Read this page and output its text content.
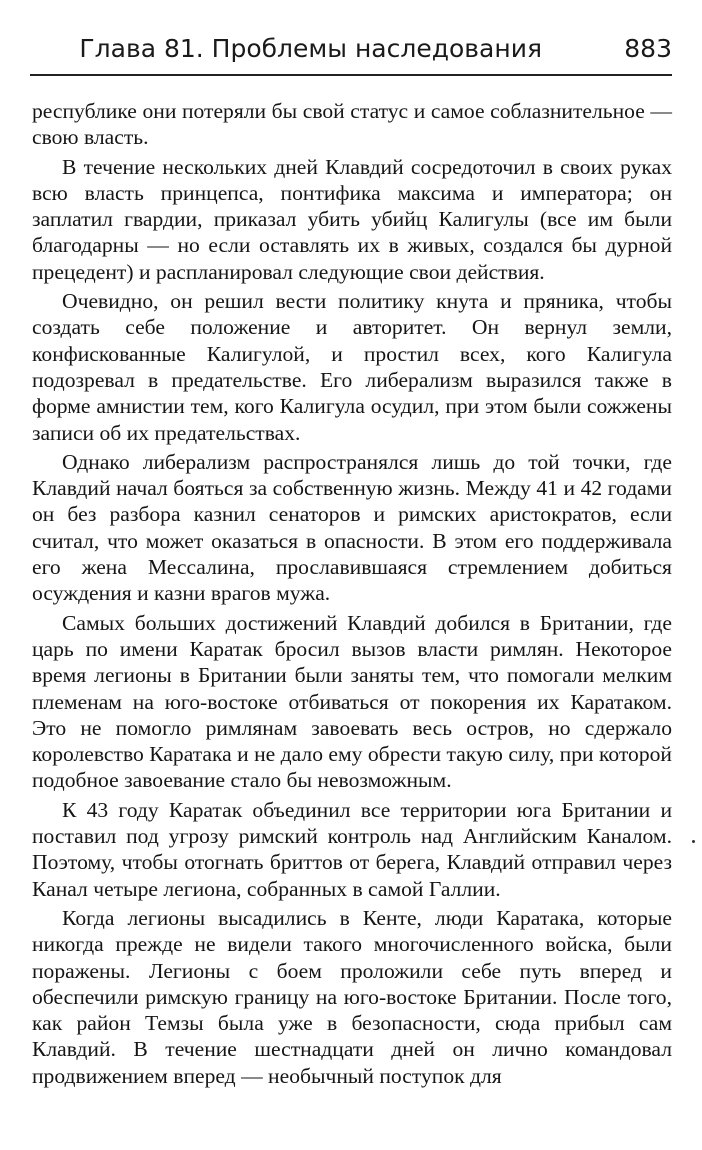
Глава 81. Проблемы наследования	883

республике они потеряли бы свой статус и самое соблазнительное — свою власть.

В течение нескольких дней Клавдий сосредоточил в своих руках всю власть принцепса, понтифика максима и императора; он заплатил гвардии, приказал убить убийц Калигулы (все им были благодарны — но если оставлять их в живых, создался бы дурной прецедент) и распланировал следующие свои действия.

Очевидно, он решил вести политику кнута и пряника, чтобы создать себе положение и авторитет. Он вернул земли, конфискованные Калигулой, и простил всех, кого Калигула подозревал в предательстве. Его либерализм выразился также в форме амнистии тем, кого Калигула осудил, при этом были сожжены записи об их предательствах.

Однако либерализм распространялся лишь до той точки, где Клавдий начал бояться за собственную жизнь. Между 41 и 42 годами он без разбора казнил сенаторов и римских аристократов, если считал, что может оказаться в опасности. В этом его поддерживала его жена Мессалина, прославившаяся стремлением добиться осуждения и казни врагов мужа.

Самых больших достижений Клавдий добился в Британии, где царь по имени Каратак бросил вызов власти римлян. Некоторое время легионы в Британии были заняты тем, что помогали мелким племенам на юго-востоке отбиваться от покорения их Каратаком. Это не помогло римлянам завоевать весь остров, но сдержало королевство Каратака и не дало ему обрести такую силу, при которой подобное завоевание стало бы невозможным.

К 43 году Каратак объединил все территории юга Британии и поставил под угрозу римский контроль над Английским Каналом. Поэтому, чтобы отогнать бриттов от берега, Клавдий отправил через Канал четыре легиона, собранных в самой Галлии.

Когда легионы высадились в Кенте, люди Каратака, которые никогда прежде не видели такого многочисленного войска, были поражены. Легионы с боем проложили себе путь вперед и обеспечили римскую границу на юго-востоке Британии. После того, как район Темзы была уже в безопасности, сюда прибыл сам Клавдий. В течение шестнадцати дней он лично командовал продвижением вперед — необычный поступок для
